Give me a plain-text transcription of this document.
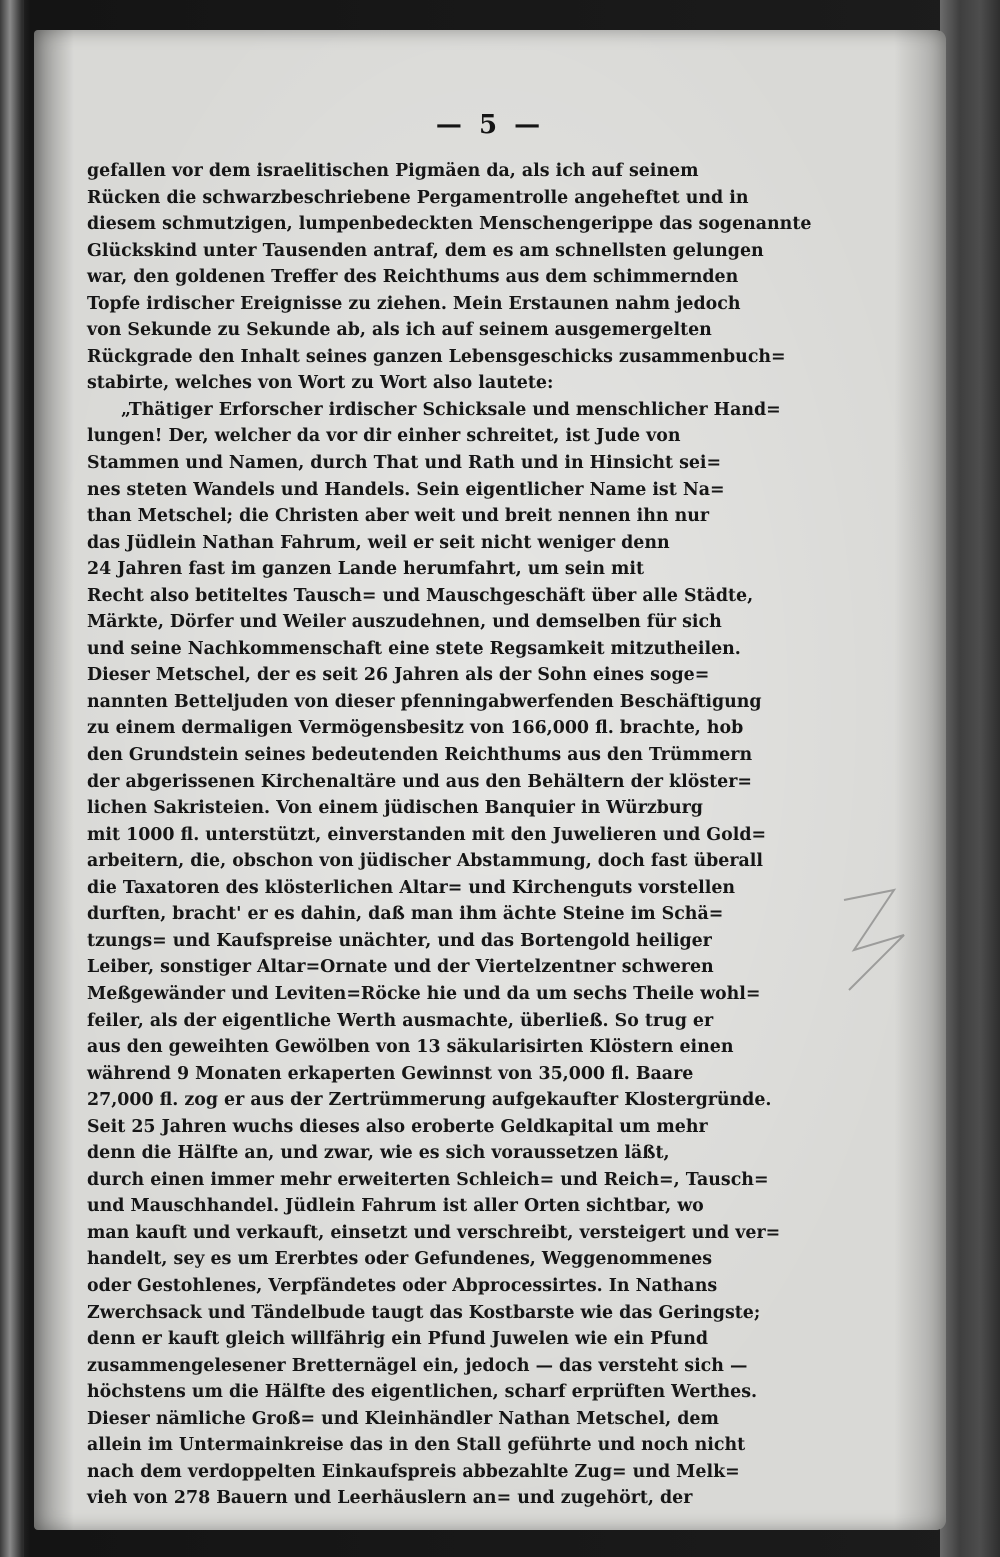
— 5 —
gefallen vor dem israelitischen Pigmäen da, als ich auf seinem
Rücken die schwarzbeschriebene Pergamentrolle angeheftet und in
diesem schmutzigen, lumpenbedeckten Menschengerippe das sogenannte
Glückskind unter Tausenden antraf, dem es am schnellsten gelungen
war, den goldenen Treffer des Reichthums aus dem schimmernden
Topfe irdischer Ereignisse zu ziehen. Mein Erstaunen nahm jedoch
von Sekunde zu Sekunde ab, als ich auf seinem ausgemergelten
Rückgrade den Inhalt seines ganzen Lebensgeschicks zusammenbuch=
stabirte, welches von Wort zu Wort also lautete:
„Thätiger Erforscher irdischer Schicksale und menschlicher Hand=
lungen! Der, welcher da vor dir einher schreitet, ist Jude von
Stammen und Namen, durch That und Rath und in Hinsicht sei=
nes steten Wandels und Handels. Sein eigentlicher Name ist Na=
than Metschel; die Christen aber weit und breit nennen ihn nur
das Jüdlein Nathan Fahrum, weil er seit nicht weniger denn
24 Jahren fast im ganzen Lande herumfahrt, um sein mit
Recht also betiteltes Tausch= und Mauschgeschäft über alle Städte,
Märkte, Dörfer und Weiler auszudehnen, und demselben für sich
und seine Nachkommenschaft eine stete Regsamkeit mitzutheilen.
Dieser Metschel, der es seit 26 Jahren als der Sohn eines soge=
nannten Betteljuden von dieser pfenningabwerfenden Beschäftigung
zu einem dermaligen Vermögensbesitz von 166,000 fl. brachte, hob
den Grundstein seines bedeutenden Reichthums aus den Trümmern
der abgerissenen Kirchenaltäre und aus den Behältern der klöster=
lichen Sakristeien. Von einem jüdischen Banquier in Würzburg
mit 1000 fl. unterstützt, einverstanden mit den Juwelieren und Gold=
arbeitern, die, obschon von jüdischer Abstammung, doch fast überall
die Taxatoren des klösterlichen Altar= und Kirchenguts vorstellen
durften, bracht' er es dahin, daß man ihm ächte Steine im Schä=
tzungs= und Kaufspreise unächter, und das Bortengold heiliger
Leiber, sonstiger Altar=Ornate und der Viertelzentner schweren
Meßgewänder und Leviten=Röcke hie und da um sechs Theile wohl=
feiler, als der eigentliche Werth ausmachte, überließ. So trug er
aus den geweihten Gewölben von 13 säkularisirten Klöstern einen
während 9 Monaten erkaperten Gewinnst von 35,000 fl. Baare
27,000 fl. zog er aus der Zertrümmerung aufgekaufter Klostergründe.
Seit 25 Jahren wuchs dieses also eroberte Geldkapital um mehr
denn die Hälfte an, und zwar, wie es sich voraussetzen läßt,
durch einen immer mehr erweiterten Schleich= und Reich=, Tausch=
und Mauschhandel. Jüdlein Fahrum ist aller Orten sichtbar, wo
man kauft und verkauft, einsetzt und verschreibt, versteigert und ver=
handelt, sey es um Ererbtes oder Gefundenes, Weggenommenes
oder Gestohlenes, Verpfändetes oder Abprocessirtes. In Nathans
Zwerchsack und Tändelbude taugt das Kostbarste wie das Geringste;
denn er kauft gleich willfährig ein Pfund Juwelen wie ein Pfund
zusammengelesener Bretternägel ein, jedoch — das versteht sich —
höchstens um die Hälfte des eigentlichen, scharf erprüften Werthes.
Dieser nämliche Groß= und Kleinhändler Nathan Metschel, dem
allein im Untermainkreise das in den Stall geführte und noch nicht
nach dem verdoppelten Einkaufspreis abbezahlte Zug= und Melk=
vieh von 278 Bauern und Leerhäuslern an= und zugehört, der
